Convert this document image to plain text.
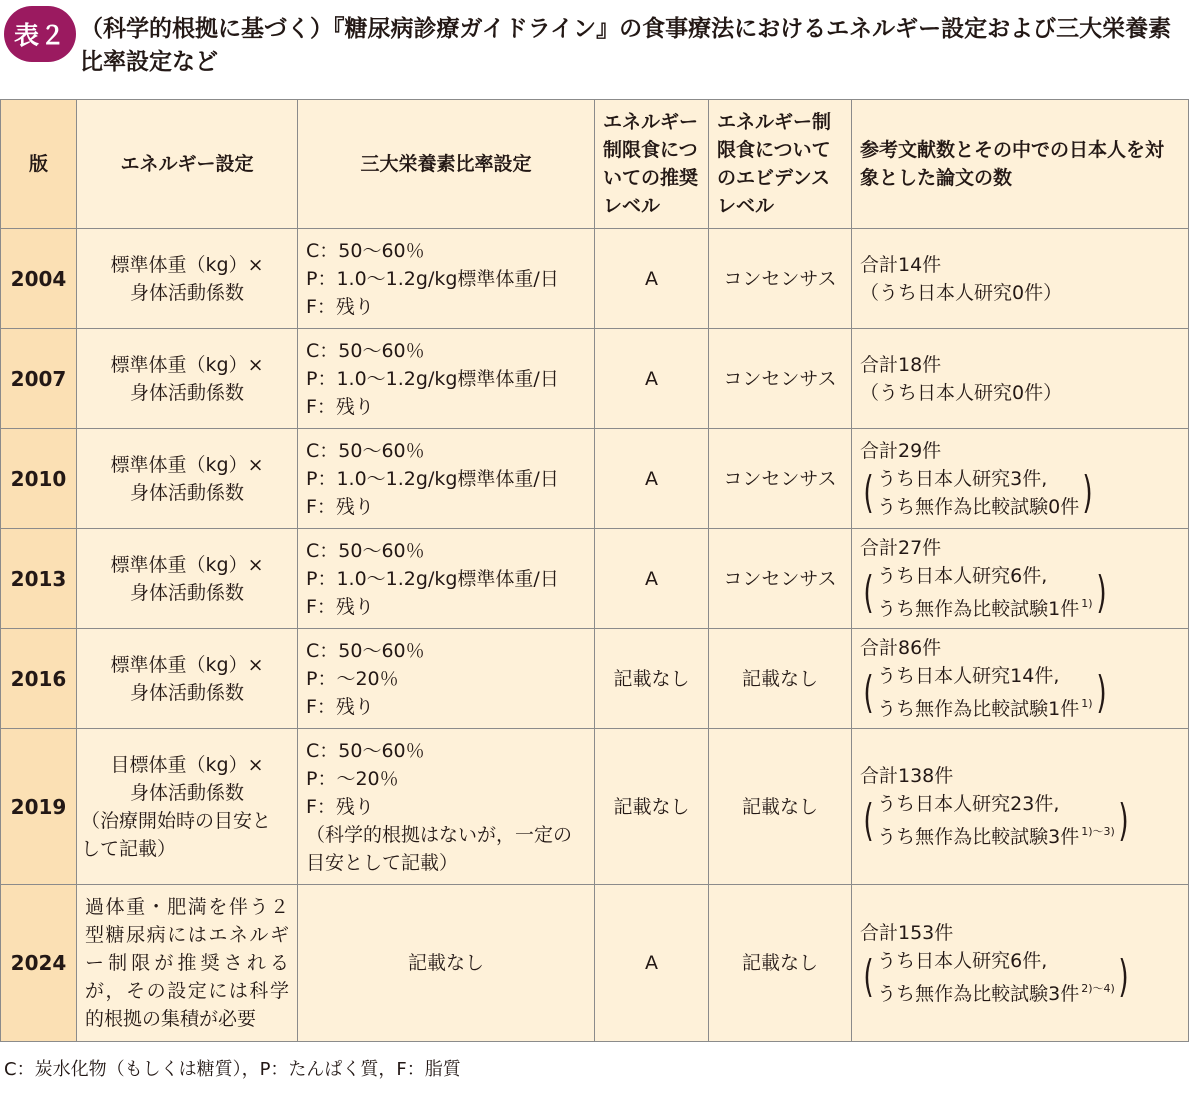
表２ （科学的根拠に基づく）『糖尿病診療ガイドライン』の食事療法におけるエネルギー設定および三大栄養素比率設定など
版	エネルギー設定	三大栄養素比率設定	エネルギー
制限食につ
いての推奨
レベル	エネルギー制
限食について
のエビデンス
レベル	参考文献数とその中での日本人を対
象とした論文の数

2004	標準体重（kg）×
身体活動係数	C：50〜60％
P：1.0〜1.2g/kg標準体重/日
F：残り	A	コンセンサス	合計14件
（うち日本人研究0件）

2007	標準体重（kg）×
身体活動係数	C：50〜60％
P：1.0〜1.2g/kg標準体重/日
F：残り	A	コンセンサス	合計18件
（うち日本人研究0件）

2010	標準体重（kg）×
身体活動係数	C：50〜60％
P：1.0〜1.2g/kg標準体重/日
F：残り	A	コンセンサス	合計29件
( うち日本人研究3件,
うち無作為比較試験0件 )

2013	標準体重（kg）×
身体活動係数	C：50〜60％
P：1.0〜1.2g/kg標準体重/日
F：残り	A	コンセンサス	合計27件
( うち日本人研究6件,
うち無作為比較試験1件 $^{1)}$ )

2016	標準体重（kg）×
身体活動係数	C：50〜60％
P：〜20％
F：残り	記載なし	記載なし	合計86件
( うち日本人研究14件,
うち無作為比較試験1件 $^{1)}$ )

2019	目標体重（kg）×
身体活動係数
（治療開始時の目安と
して記載）	C：50〜60％
P：〜20％
F：残り
（科学的根拠はないが，一定の
目安として記載）	記載なし	記載なし	合計138件
( うち日本人研究23件,
うち無作為比較試験3件 $^{1)〜3)}$ )

2024	過体重・肥満を伴う２
型糖尿病にはエネルギ
ー制限が推奨される
が，その設定には科学
的根拠の集積が必要	記載なし	A	記載なし	合計153件
( うち日本人研究6件,
うち無作為比較試験3件 $^{2)〜4)}$ )
C：炭水化物（もしくは糖質），P：たんぱく質，F：脂質
